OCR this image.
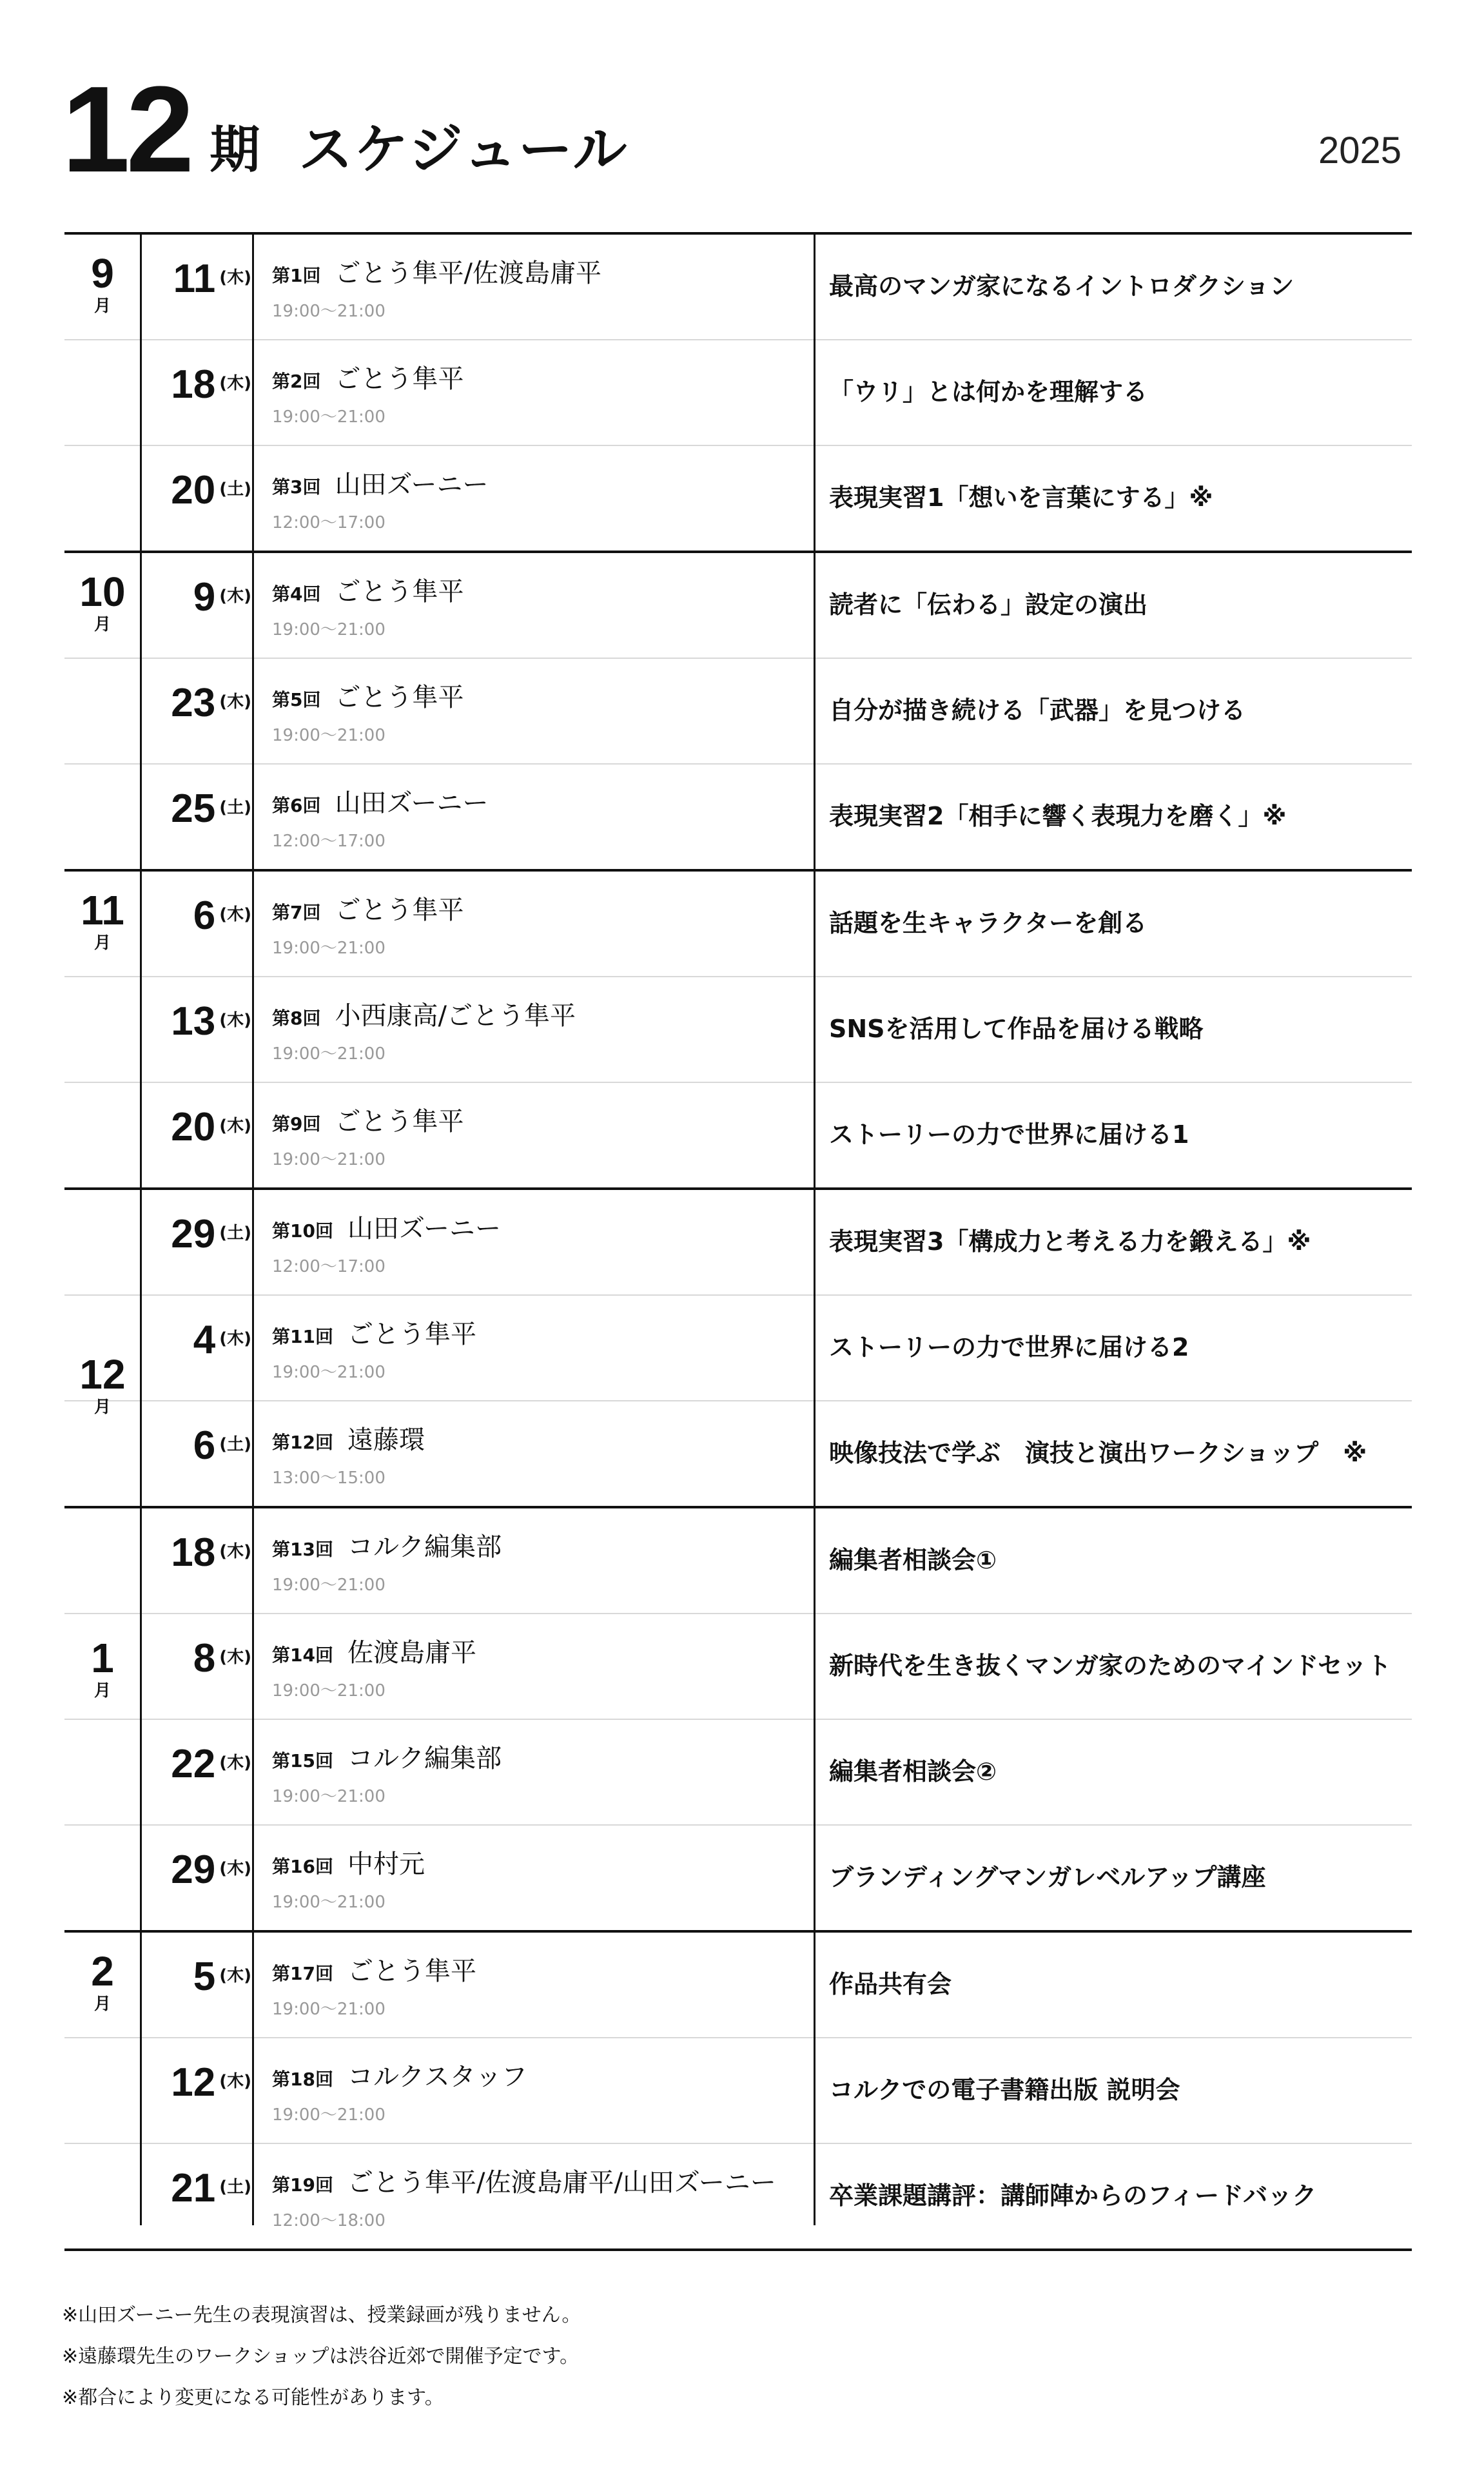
12 期 スケジュール	2025
9
月
11 (木) 第1回 ごとう隼平/佐渡島庸平
19:00〜21:00
最高のマンガ家になるイントロダクション
18 (木) 第2回 ごとう隼平
19:00〜21:00
「ウリ」とは何かを理解する
20 (土) 第3回 山田ズーニー
12:00〜17:00
表現実習1「想いを言葉にする」※
10
月
9 (木) 第4回 ごとう隼平
19:00〜21:00
読者に「伝わる」設定の演出
23 (木) 第5回 ごとう隼平
19:00〜21:00
自分が描き続ける「武器」を見つける
25 (土) 第6回 山田ズーニー
12:00〜17:00
表現実習2「相手に響く表現力を磨く」※
11
月
6 (木) 第7回 ごとう隼平
19:00〜21:00
話題を生キャラクターを創る
13 (木) 第8回 小西康高/ごとう隼平
19:00〜21:00
SNSを活用して作品を届ける戦略
20 (木) 第9回 ごとう隼平
19:00〜21:00
ストーリーの力で世界に届ける1
29 (土) 第10回 山田ズーニー
12:00〜17:00
表現実習3「構成力と考える力を鍛える」※
12
月
4 (木) 第11回 ごとう隼平
19:00〜21:00
ストーリーの力で世界に届ける2
6 (土) 第12回 遠藤環
13:00〜15:00
映像技法で学ぶ　演技と演出ワークショップ　※
18 (木) 第13回 コルク編集部
19:00〜21:00
編集者相談会①
1
月
8 (木) 第14回 佐渡島庸平
19:00〜21:00
新時代を生き抜くマンガ家のためのマインドセット
22 (木) 第15回 コルク編集部
19:00〜21:00
編集者相談会②
29 (木) 第16回 中村元
19:00〜21:00
ブランディングマンガレベルアップ講座
2
月
5 (木) 第17回 ごとう隼平
19:00〜21:00
作品共有会
12 (木) 第18回 コルクスタッフ
19:00〜21:00
コルクでの電子書籍出版 説明会
21 (土) 第19回 ごとう隼平/佐渡島庸平/山田ズーニー
12:00〜18:00
卒業課題講評：講師陣からのフィードバック
※山田ズーニー先生の表現演習は、授業録画が残りません。
※遠藤環先生のワークショップは渋谷近郊で開催予定です。
※都合により変更になる可能性があります。
